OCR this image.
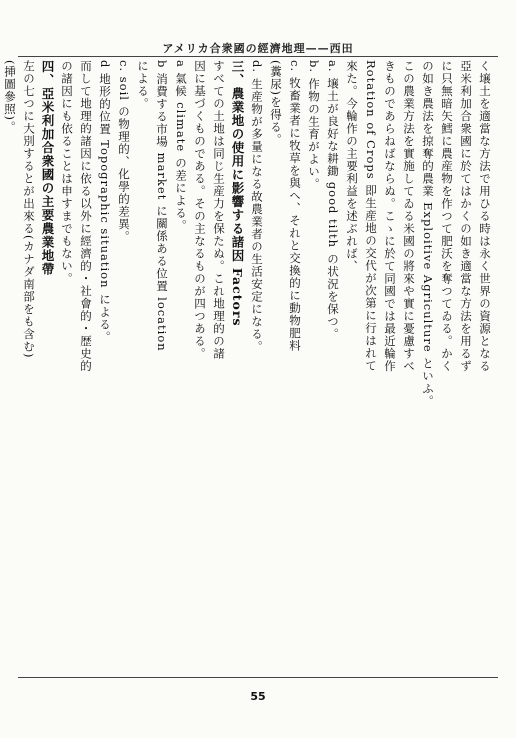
アメリカ合衆國の經濟地理——西田
く壌土を適當な方法で用ひる時は永く世界の資源となる
亞米利加合衆國に於てはかくの如き適當な方法を用るず
に只無暗矢鱈に農産物を作つて肥沃を奪つてゐる。かく
の如き農法を掠奪的農業 Exploitive Agriculture といふ。
この農業方法を實施してゐる米國の將來や實に憂慮すべ
きものであらねばならぬ。こゝに於て同國では最近輪作
Rotation of Crops 即生産地の交代が次第に行はれて
來た。今輪作の主要利益を述ぶれば、
a. 壌土が良好な耕鋤 good tilth の状況を保つ。
b. 作物の生育がよい。
c. 牧畜業者に牧草を與へ、それと交換的に動物肥料
(糞尿)を得る。
d. 生産物が多量になる故農業者の生活安定になる。
三、農業地の使用に影響する諸因 Factors
すべての土地は同じ生産力を保たぬ。これ地理的の諸
因に基づくものである。その主なるものが四つある。
a 氣候 climate の差による。
b 消費する市場 market に關係ある位置 location
による。
c. soil の物理的、化學的差異。
d 地形的位置 Topographic situation による。
而して地理的諸因に依る以外に經濟的・社會的・歴史的
の諸因にも依ることは申すまでもない。
四、亞米利加合衆國の主要農業地帶
左の七つに大別するとが出來る(カナダ南部をも含む)
(挿圖參照)。
55
